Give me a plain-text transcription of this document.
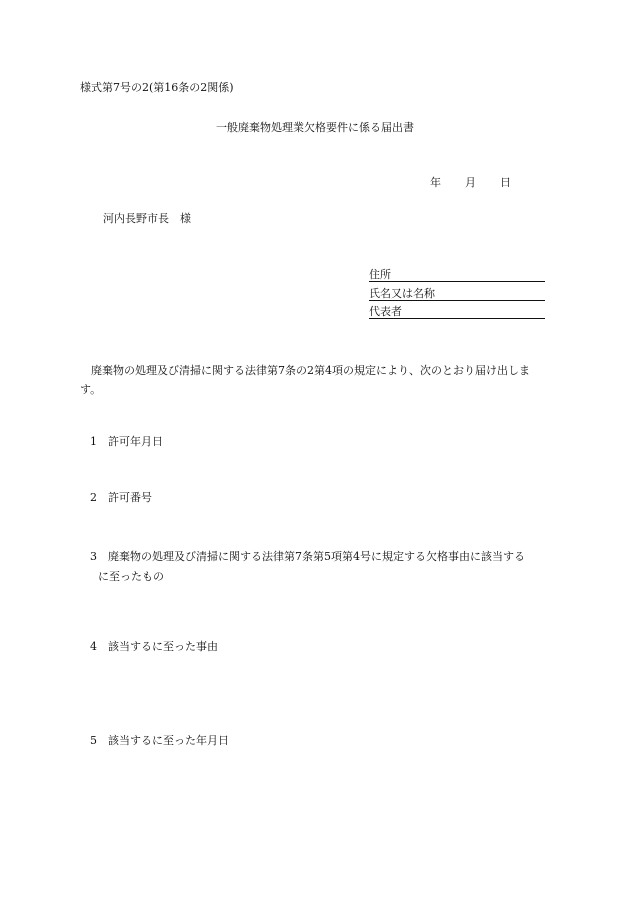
様式第7号の2(第16条の2関係)
一般廃棄物処理業欠格要件に係る届出書
年 月 日
河内長野市長　様
住所
氏名又は名称
代表者
廃棄物の処理及び清掃に関する法律第7条の2第4項の規定により、次のとおり届け出します。
1 許可年月日
2 許可番号
3 廃棄物の処理及び清掃に関する法律第7条第5項第4号に規定する欠格事由に該当する
に至ったもの
4 該当するに至った事由
5 該当するに至った年月日
